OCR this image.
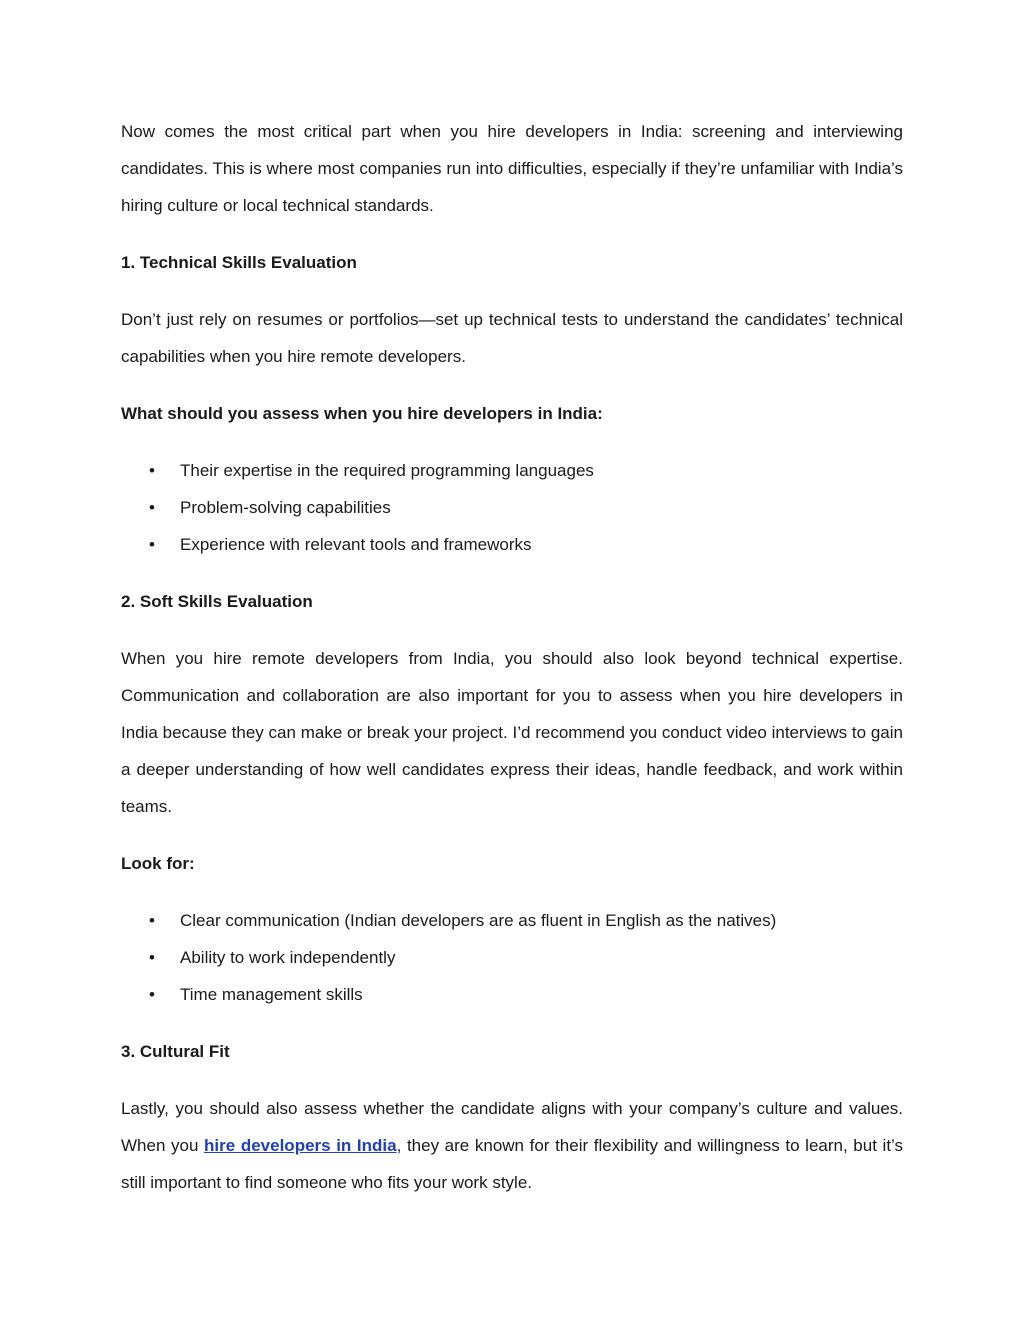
Now comes the most critical part when you hire developers in India: screening and interviewing candidates. This is where most companies run into difficulties, especially if they’re unfamiliar with India’s hiring culture or local technical standards.

1. Technical Skills Evaluation

Don’t just rely on resumes or portfolios—set up technical tests to understand the candidates’ technical capabilities when you hire remote developers.

What should you assess when you hire developers in India:

• Their expertise in the required programming languages
• Problem-solving capabilities
• Experience with relevant tools and frameworks

2. Soft Skills Evaluation

When you hire remote developers from India, you should also look beyond technical expertise. Communication and collaboration are also important for you to assess when you hire developers in India because they can make or break your project. I’d recommend you conduct video interviews to gain a deeper understanding of how well candidates express their ideas, handle feedback, and work within teams.

Look for:

• Clear communication (Indian developers are as fluent in English as the natives)
• Ability to work independently
• Time management skills

3. Cultural Fit

Lastly, you should also assess whether the candidate aligns with your company’s culture and values. When you hire developers in India, they are known for their flexibility and willingness to learn, but it’s still important to find someone who fits your work style.
